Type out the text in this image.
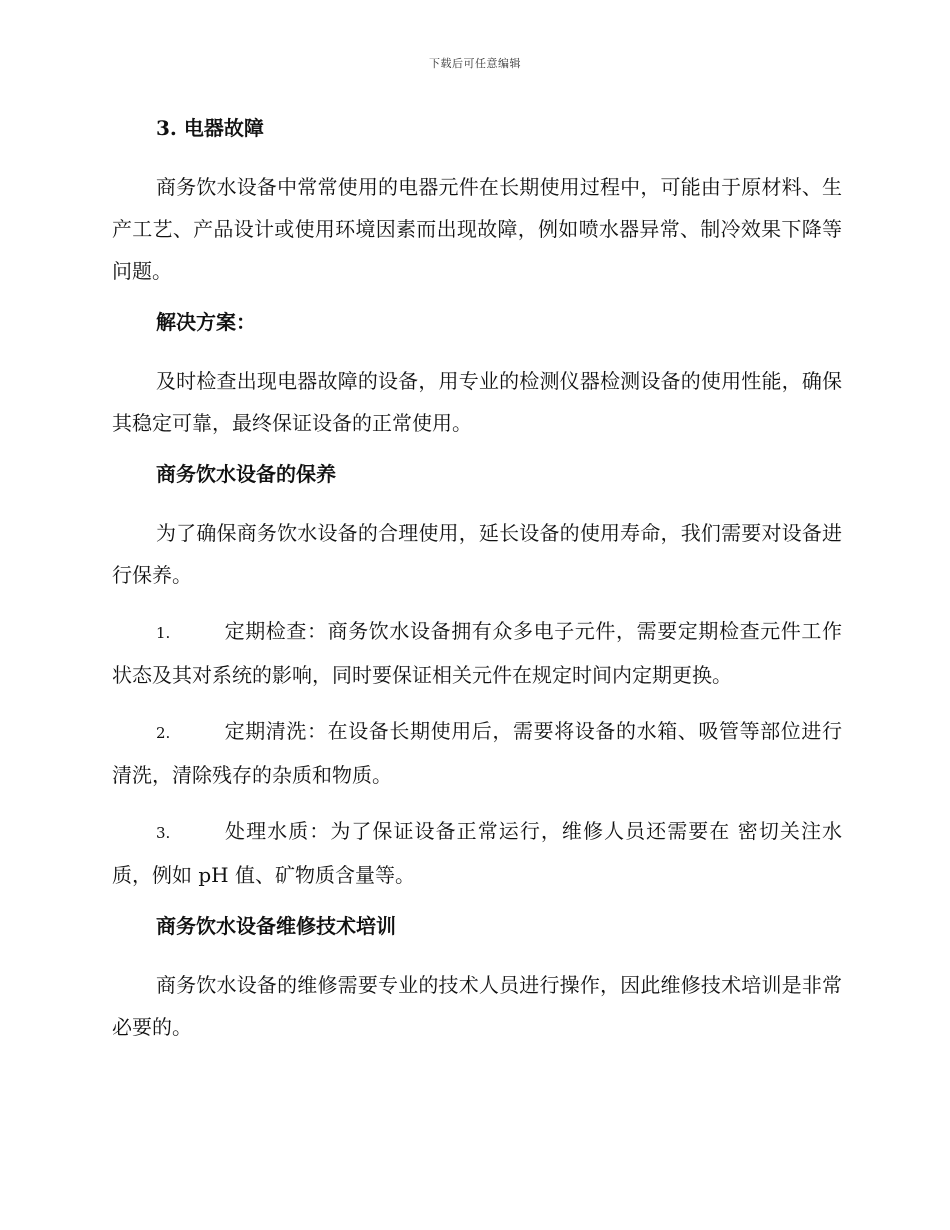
下载后可任意编辑
3. 电器故障

商务饮水设备中常常使用的电器元件在长期使用过程中，可能由于原材料、生产工艺、产品设计或使用环境因素而出现故障，例如喷水器异常、制冷效果下降等问题。

解决方案：

及时检查出现电器故障的设备，用专业的检测仪器检测设备的使用性能，确保其稳定可靠，最终保证设备的正常使用。

商务饮水设备的保养

为了确保商务饮水设备的合理使用，延长设备的使用寿命，我们需要对设备进行保养。

1.	定期检查：商务饮水设备拥有众多电子元件，需要定期检查元件工作状态及其对系统的影响，同时要保证相关元件在规定时间内定期更换。

2.	定期清洗：在设备长期使用后，需要将设备的水箱、吸管等部位进行清洗，清除残存的杂质和物质。

3.	处理水质：为了保证设备正常运行，维修人员还需要在 密切关注水质，例如 pH 值、矿物质含量等。

商务饮水设备维修技术培训

商务饮水设备的维修需要专业的技术人员进行操作，因此维修技术培训是非常必要的。
